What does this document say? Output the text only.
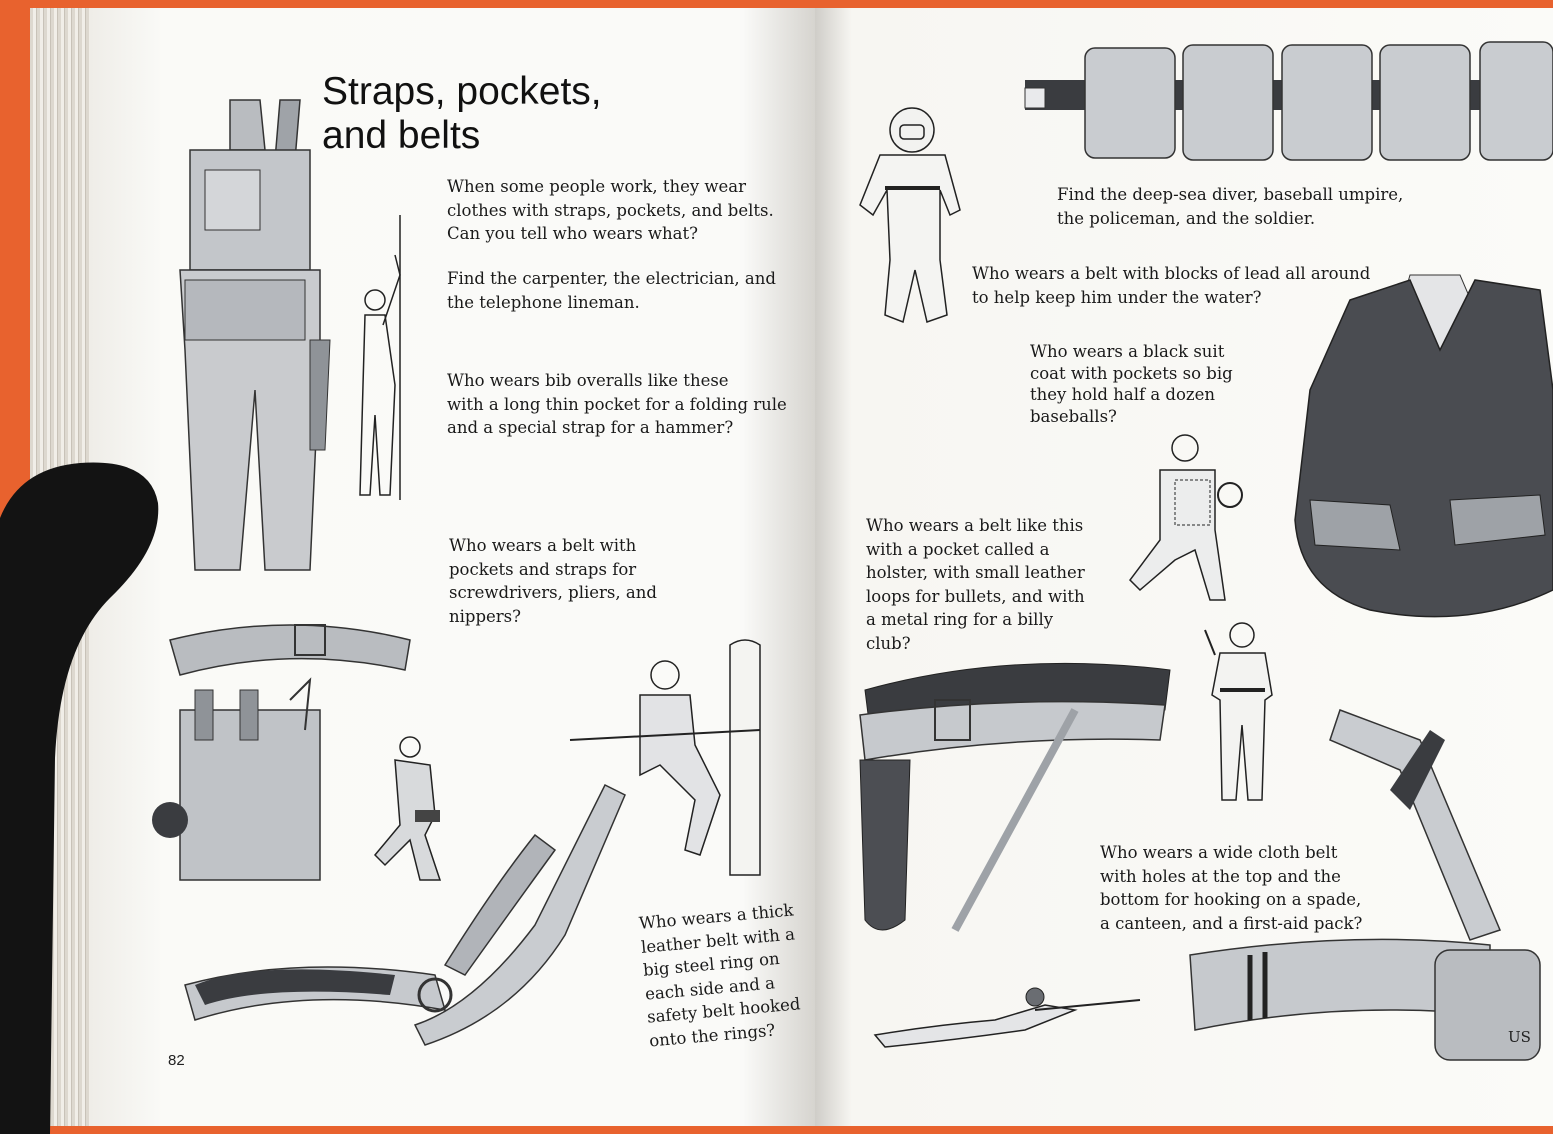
US
Straps, pockets,
and belts

When some people work, they wear
clothes with straps, pockets, and belts.
Can you tell who wears what?

Find the carpenter, the electrician, and
the telephone lineman.

Who wears bib overalls like these
with a long thin pocket for a folding rule
and a special strap for a hammer?

Who wears a belt with
pockets and straps for
screwdrivers, pliers, and
nippers?

Who wears a thick
leather belt with a
big steel ring on
each side and a
safety belt hooked
onto the rings?

82

Find the deep-sea diver, baseball umpire,
the policeman, and the soldier.

Who wears a belt with blocks of lead all around
to help keep him under the water?

Who wears a black suit
coat with pockets so big
they hold half a dozen
baseballs?

Who wears a belt like this
with a pocket called a
holster, with small leather
loops for bullets, and with
a metal ring for a billy
club?

Who wears a wide cloth belt
with holes at the top and the
bottom for hooking on a spade,
a canteen, and a first-aid pack?
